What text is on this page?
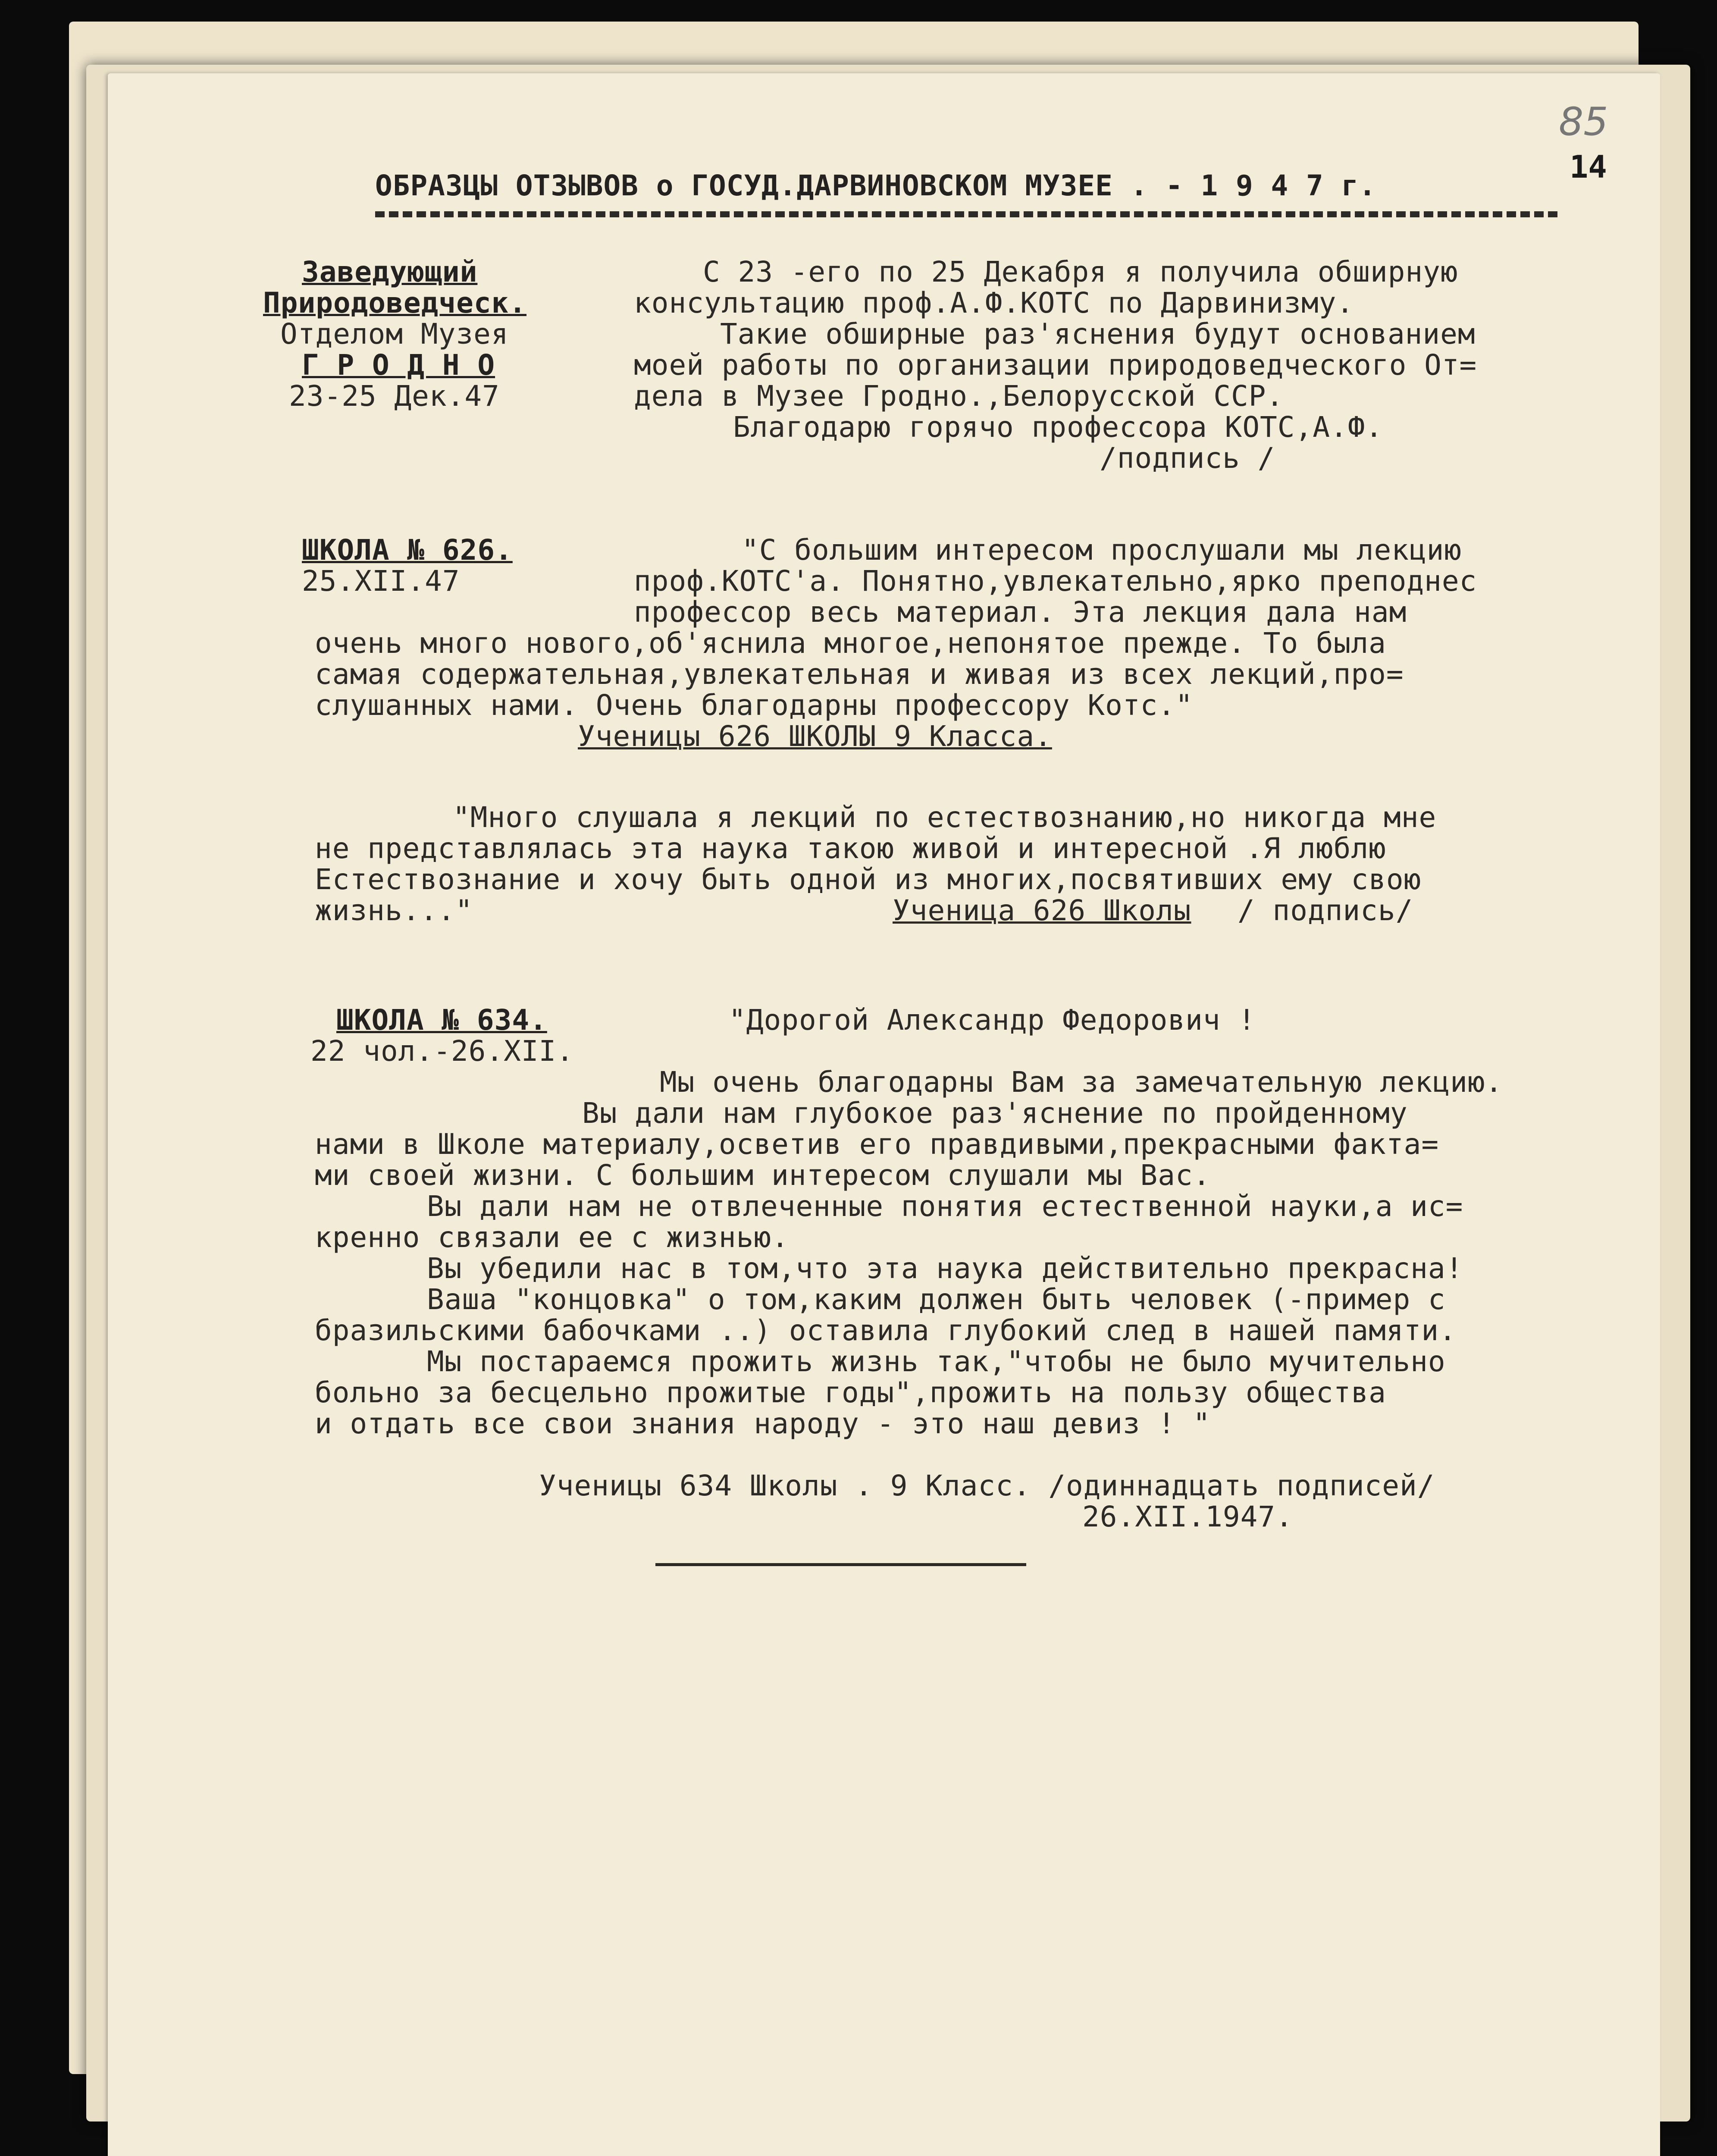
85
14
ОБРАЗЦЫ ОТЗЫВОВ о ГОСУД.ДАРВИНОВСКОМ МУЗЕЕ . - 1 9 4 7 г.
Заведующий
Природоведческ.
Отделом Музея
Г Р О Д Н О
23-25 Дек.47
С 23 -его по 25 Декабря я получила обширную
консультацию проф.А.Ф.КОТС по Дарвинизму.
Такие обширные раз'яснения будут основанием
моей работы по организации природоведческого От=
дела в Музее Гродно.,Белорусской ССР.
Благодарю горячо профессора КОТС,А.Ф.
/подпись /
ШКОЛА № 626.
25.XII.47
"С большим интересом прослушали мы лекцию
проф.КОТС'а. Понятно,увлекательно,ярко преподнес
профессор весь материал. Эта лекция дала нам
очень много нового,об'яснила многое,непонятое прежде. То была
самая содержательная,увлекательная и живая из всех лекций,про=
слушанных нами. Очень благодарны профессору Котс."
Ученицы 626 ШКОЛЫ 9 Класса.
"Много слушала я лекций по естествознанию,но никогда мне
не представлялась эта наука такою живой и интересной .Я люблю
Естествознание и хочу быть одной из многих,посвятивших ему свою
жизнь..."	Ученица 626 Школы / подпись/
ШКОЛА № 634.
22 чол.-26.XII.
"Дорогой Александр Федорович !
Мы очень благодарны Вам за замечательную лекцию.
Вы дали нам глубокое раз'яснение по пройденному
нами в Школе материалу,осветив его правдивыми,прекрасными факта=
ми своей жизни. С большим интересом слушали мы Вас.
Вы дали нам не отвлеченные понятия естественной науки,а ис=
кренно связали ее с жизнью.
Вы убедили нас в том,что эта наука действительно прекрасна!
Ваша "концовка" о том,каким должен быть человек (-пример с
бразильскими бабочками ..) оставила глубокий след в нашей памяти.
Мы постараемся прожить жизнь так,"чтобы не было мучительно
больно за бесцельно прожитые годы",прожить на пользу общества
и отдать все свои знания народу - это наш девиз ! "
Ученицы 634 Школы . 9 Класс. /одиннадцать подписей/
26.XII.1947.
